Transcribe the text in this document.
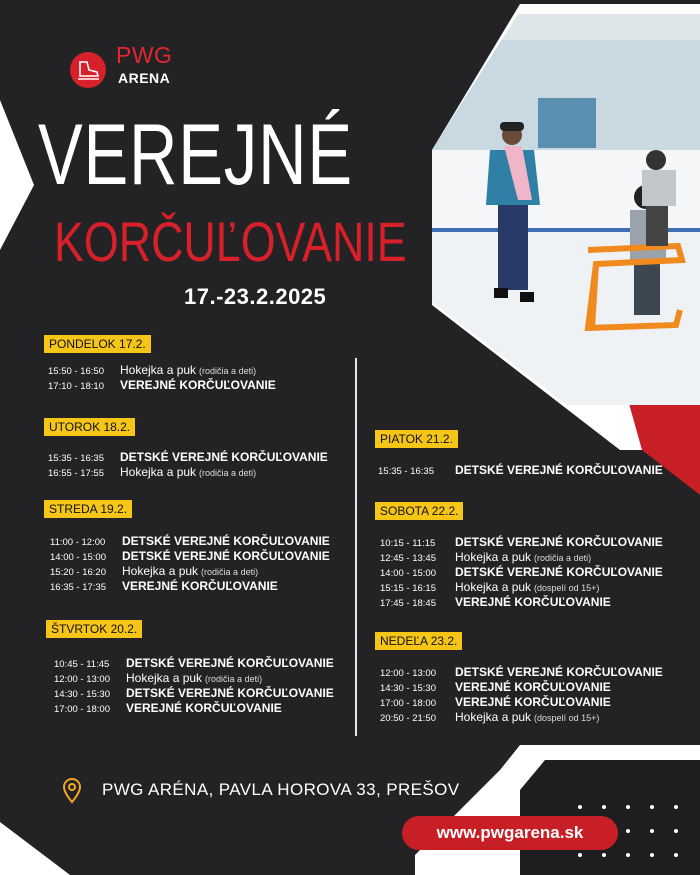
PWG
ARENA
VEREJNÉ
KORČUĽOVANIE
17.-23.2.2025
PONDELOK 17.2.
15:50 - 16:50	Hokejka a puk (rodičia a deti)
17:10 - 18:10	VEREJNÉ KORČUĽOVANIE
UTOROK 18.2.
15:35 - 16:35	DETSKÉ VEREJNÉ KORČUĽOVANIE
16:55 - 17:55	Hokejka a puk (rodičia a deti)
STREDA 19.2.
11:00 - 12:00	DETSKÉ VEREJNÉ KORČUĽOVANIE
14:00 - 15:00	DETSKÉ VEREJNÉ KORČUĽOVANIE
15:20 - 16:20	Hokejka a puk (rodičia a deti)
16:35 - 17:35	VEREJNÉ KORČUĽOVANIE
ŠTVRTOK 20.2.
10:45 - 11:45	DETSKÉ VEREJNÉ KORČUĽOVANIE
12:00 - 13:00	Hokejka a puk (rodičia a deti)
14:30 - 15:30	DETSKÉ VEREJNÉ KORČUĽOVANIE
17:00 - 18:00	VEREJNÉ KORČUĽOVANIE
PIATOK 21.2.
15:35 - 16:35	DETSKÉ VEREJNÉ KORČUĽOVANIE
SOBOTA 22.2.
10:15 - 11:15	DETSKÉ VEREJNÉ KORČUĽOVANIE
12:45 - 13:45	Hokejka a puk (rodičia a deti)
14:00 - 15:00	DETSKÉ VEREJNÉ KORČUĽOVANIE
15:15 - 16:15	Hokejka a puk (dospelí od 15+)
17:45 - 18:45	VEREJNÉ KORČUĽOVANIE
NEDEĽA 23.2.
12:00 - 13:00	DETSKÉ VEREJNÉ KORČUĽOVANIE
14:30 - 15:30	VEREJNÉ KORČUĽOVANIE
17:00 - 18:00	VEREJNÉ KORČUĽOVANIE
20:50 - 21:50	Hokejka a puk (dospelí od 15+)
PWG ARÉNA, PAVLA HOROVA 33, PREŠOV
www.pwgarena.sk
